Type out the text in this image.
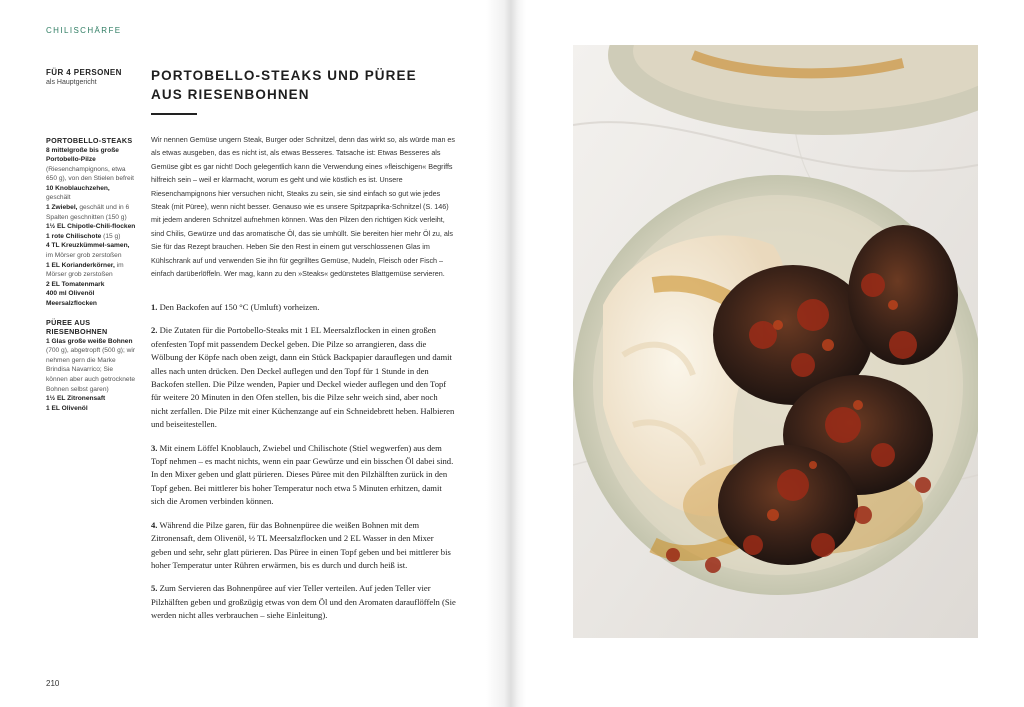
CHILISCHÄRFE
FÜR 4 PERSONEN
als Hauptgericht	PORTOBELLO-STEAKS UND PÜREE
AUS RIESENBOHNEN
PORTOBELLO-STEAKS
8 mittelgroße bis große Portobello-Pilze (Riesenchampignons, etwa 650 g), von den Stielen befreit
10 Knoblauchzehen, geschält
1 Zwiebel, geschält und in 6 Spalten geschnitten (150 g)
1½ EL Chipotle-Chili-flocken
1 rote Chilischote (15 g)
4 TL Kreuzkümmel-samen, im Mörser grob zerstoßen
1 EL Korianderkörner, im Mörser grob zerstoßen
2 EL Tomatenmark
400 ml Olivenöl
Meersalzflocken
PÜREE AUS RIESENBOHNEN
1 Glas große weiße Bohnen (700 g), abgetropft (500 g); wir nehmen gern die Marke Brindisa Navarrico; Sie können aber auch getrocknete Bohnen selbst garen)
1½ EL Zitronensaft
1 EL Olivenöl
Wir nennen Gemüse ungern Steak, Burger oder Schnitzel, denn das wirkt so, als würde man es als etwas ausgeben, das es nicht ist, als etwas Besseres. Tatsache ist: Etwas Besseres als Gemüse gibt es gar nicht! Doch gelegentlich kann die Verwendung eines »fleischigen« Begriffs hilfreich sein – weil er klarmacht, worum es geht und wie köstlich es ist. Unsere Riesenchampignons hier versuchen nicht, Steaks zu sein, sie sind einfach so gut wie jedes Steak (mit Püree), wenn nicht besser. Genauso wie es unsere Spitzpaprika-Schnitzel (S. 146) mit jedem anderen Schnitzel aufnehmen können. Was den Pilzen den richtigen Kick verleiht, sind Chilis, Gewürze und das aromatische Öl, das sie umhüllt. Sie bereiten hier mehr Öl zu, als Sie für das Rezept brauchen. Heben Sie den Rest in einem gut verschlossenen Glas im Kühlschrank auf und verwenden Sie ihn für gegrilltes Gemüse, Nudeln, Fleisch oder Fisch – einfach darüberlöffeln. Wer mag, kann zu den »Steaks« gedünstetes Blattgemüse servieren.

1. Den Backofen auf 150 °C (Umluft) vorheizen.

2. Die Zutaten für die Portobello-Steaks mit 1 EL Meersalzflocken in einen großen ofenfesten Topf mit passendem Deckel geben. Die Pilze so arrangieren, dass die Wölbung der Köpfe nach oben zeigt, dann ein Stück Backpapier darauflegen und damit alles nach unten drücken. Den Deckel auflegen und den Topf für 1 Stunde in den Backofen stellen. Die Pilze wenden, Papier und Deckel wieder auflegen und den Topf für weitere 20 Minuten in den Ofen stellen, bis die Pilze sehr weich sind, aber noch nicht zerfallen. Die Pilze mit einer Küchenzange auf ein Schneidebrett heben. Halbieren und beiseitestellen.

3. Mit einem Löffel Knoblauch, Zwiebel und Chilischote (Stiel wegwerfen) aus dem Topf nehmen – es macht nichts, wenn ein paar Gewürze und ein bisschen Öl dabei sind. In den Mixer geben und glatt pürieren. Dieses Püree mit den Pilzhälften zurück in den Topf geben. Bei mittlerer bis hoher Temperatur noch etwa 5 Minuten erhitzen, damit sich die Aromen verbinden können.

4. Während die Pilze garen, für das Bohnenpüree die weißen Bohnen mit dem Zitronensaft, dem Olivenöl, ½ TL Meersalzflocken und 2 EL Wasser in den Mixer geben und sehr, sehr glatt pürieren. Das Püree in einen Topf geben und bei mittlerer bis hoher Temperatur unter Rühren erwärmen, bis es durch und durch heiß ist.

5. Zum Servieren das Bohnenpüree auf vier Teller verteilen. Auf jeden Teller vier Pilzhälften geben und großzügig etwas von dem Öl und den Aromaten darauflöffeln (Sie werden nicht alles verbrauchen – siehe Einleitung).

210
